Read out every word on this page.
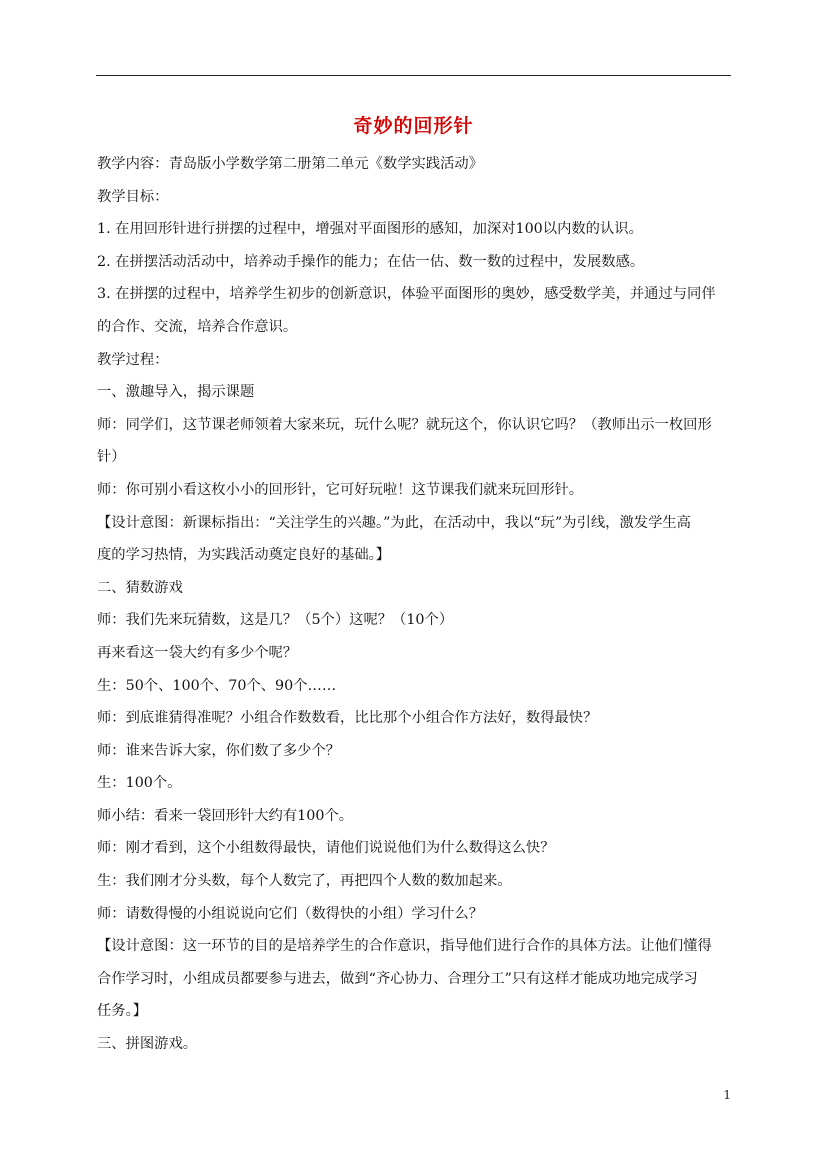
奇妙的回形针

教学内容：青岛版小学数学第二册第二单元《数学实践活动》

教学目标：

1. 在用回形针进行拼摆的过程中，增强对平面图形的感知，加深对100以内数的认识。

2. 在拼摆活动活动中，培养动手操作的能力；在估一估、数一数的过程中，发展数感。

3. 在拼摆的过程中，培养学生初步的创新意识，体验平面图形的奥妙，感受数学美，并通过与同伴

的合作、交流，培养合作意识。

教学过程：

一、激趣导入，揭示课题

师：同学们，这节课老师领着大家来玩，玩什么呢？就玩这个，你认识它吗？（教师出示一枚回形

针）

师：你可别小看这枚小小的回形针，它可好玩啦！这节课我们就来玩回形针。

【设计意图：新课标指出：“关注学生的兴趣。”为此，在活动中，我以“玩”为引线，激发学生高

度的学习热情，为实践活动奠定良好的基础。】

二、猜数游戏

师：我们先来玩猜数，这是几？（5个）这呢？（10个）

再来看这一袋大约有多少个呢？

生：50个、100个、70个、90个……

师：到底谁猜得准呢？小组合作数数看，比比那个小组合作方法好，数得最快？

师：谁来告诉大家，你们数了多少个？

生：100个。

师小结：看来一袋回形针大约有100个。

师：刚才看到，这个小组数得最快，请他们说说他们为什么数得这么快？

生：我们刚才分头数，每个人数完了，再把四个人数的数加起来。

师：请数得慢的小组说说向它们（数得快的小组）学习什么？

【设计意图：这一环节的目的是培养学生的合作意识，指导他们进行合作的具体方法。让他们懂得

合作学习时，小组成员都要参与进去，做到“齐心协力、合理分工”只有这样才能成功地完成学习

任务。】

三、拼图游戏。

1
